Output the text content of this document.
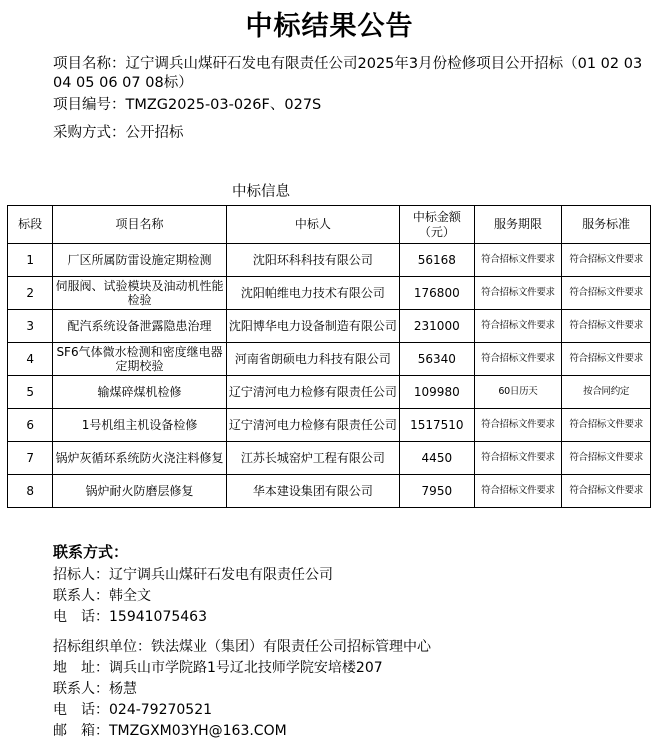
中标结果公告
项目名称：辽宁调兵山煤矸石发电有限责任公司2025年3月份检修项目公开招标（01 02 03 04 05 06 07 08标）
项目编号：TMZG2025-03-026F、027S
采购方式：公开招标
中标信息
标段	项目名称	中标人	中标金额（元）	服务期限	服务标准
1	厂区所属防雷设施定期检测	沈阳环科科技有限公司	56168	符合招标文件要求	符合招标文件要求
2	伺服阀、试验模块及油动机性能检验	沈阳帕维电力技术有限公司	176800	符合招标文件要求	符合招标文件要求
3	配汽系统设备泄露隐患治理	沈阳博华电力设备制造有限公司	231000	符合招标文件要求	符合招标文件要求
4	SF6气体微水检测和密度继电器定期校验	河南省朗硕电力科技有限公司	56340	符合招标文件要求	符合招标文件要求
5	输煤碎煤机检修	辽宁清河电力检修有限责任公司	109980	60日历天	按合同约定
6	1号机组主机设备检修	辽宁清河电力检修有限责任公司	1517510	符合招标文件要求	符合招标文件要求
7	锅炉灰循环系统防火浇注料修复	江苏长城窑炉工程有限公司	4450	符合招标文件要求	符合招标文件要求
8	锅炉耐火防磨层修复	华本建设集团有限公司	7950	符合招标文件要求	符合招标文件要求
联系方式：
招标人：辽宁调兵山煤矸石发电有限责任公司
联系人：韩全文
电　话：15941075463
招标组织单位：铁法煤业（集团）有限责任公司招标管理中心
地　址：调兵山市学院路1号辽北技师学院安培楼207
联系人：杨慧
电　话：024-79270521
邮　箱：TMZGXM03YH@163.COM
